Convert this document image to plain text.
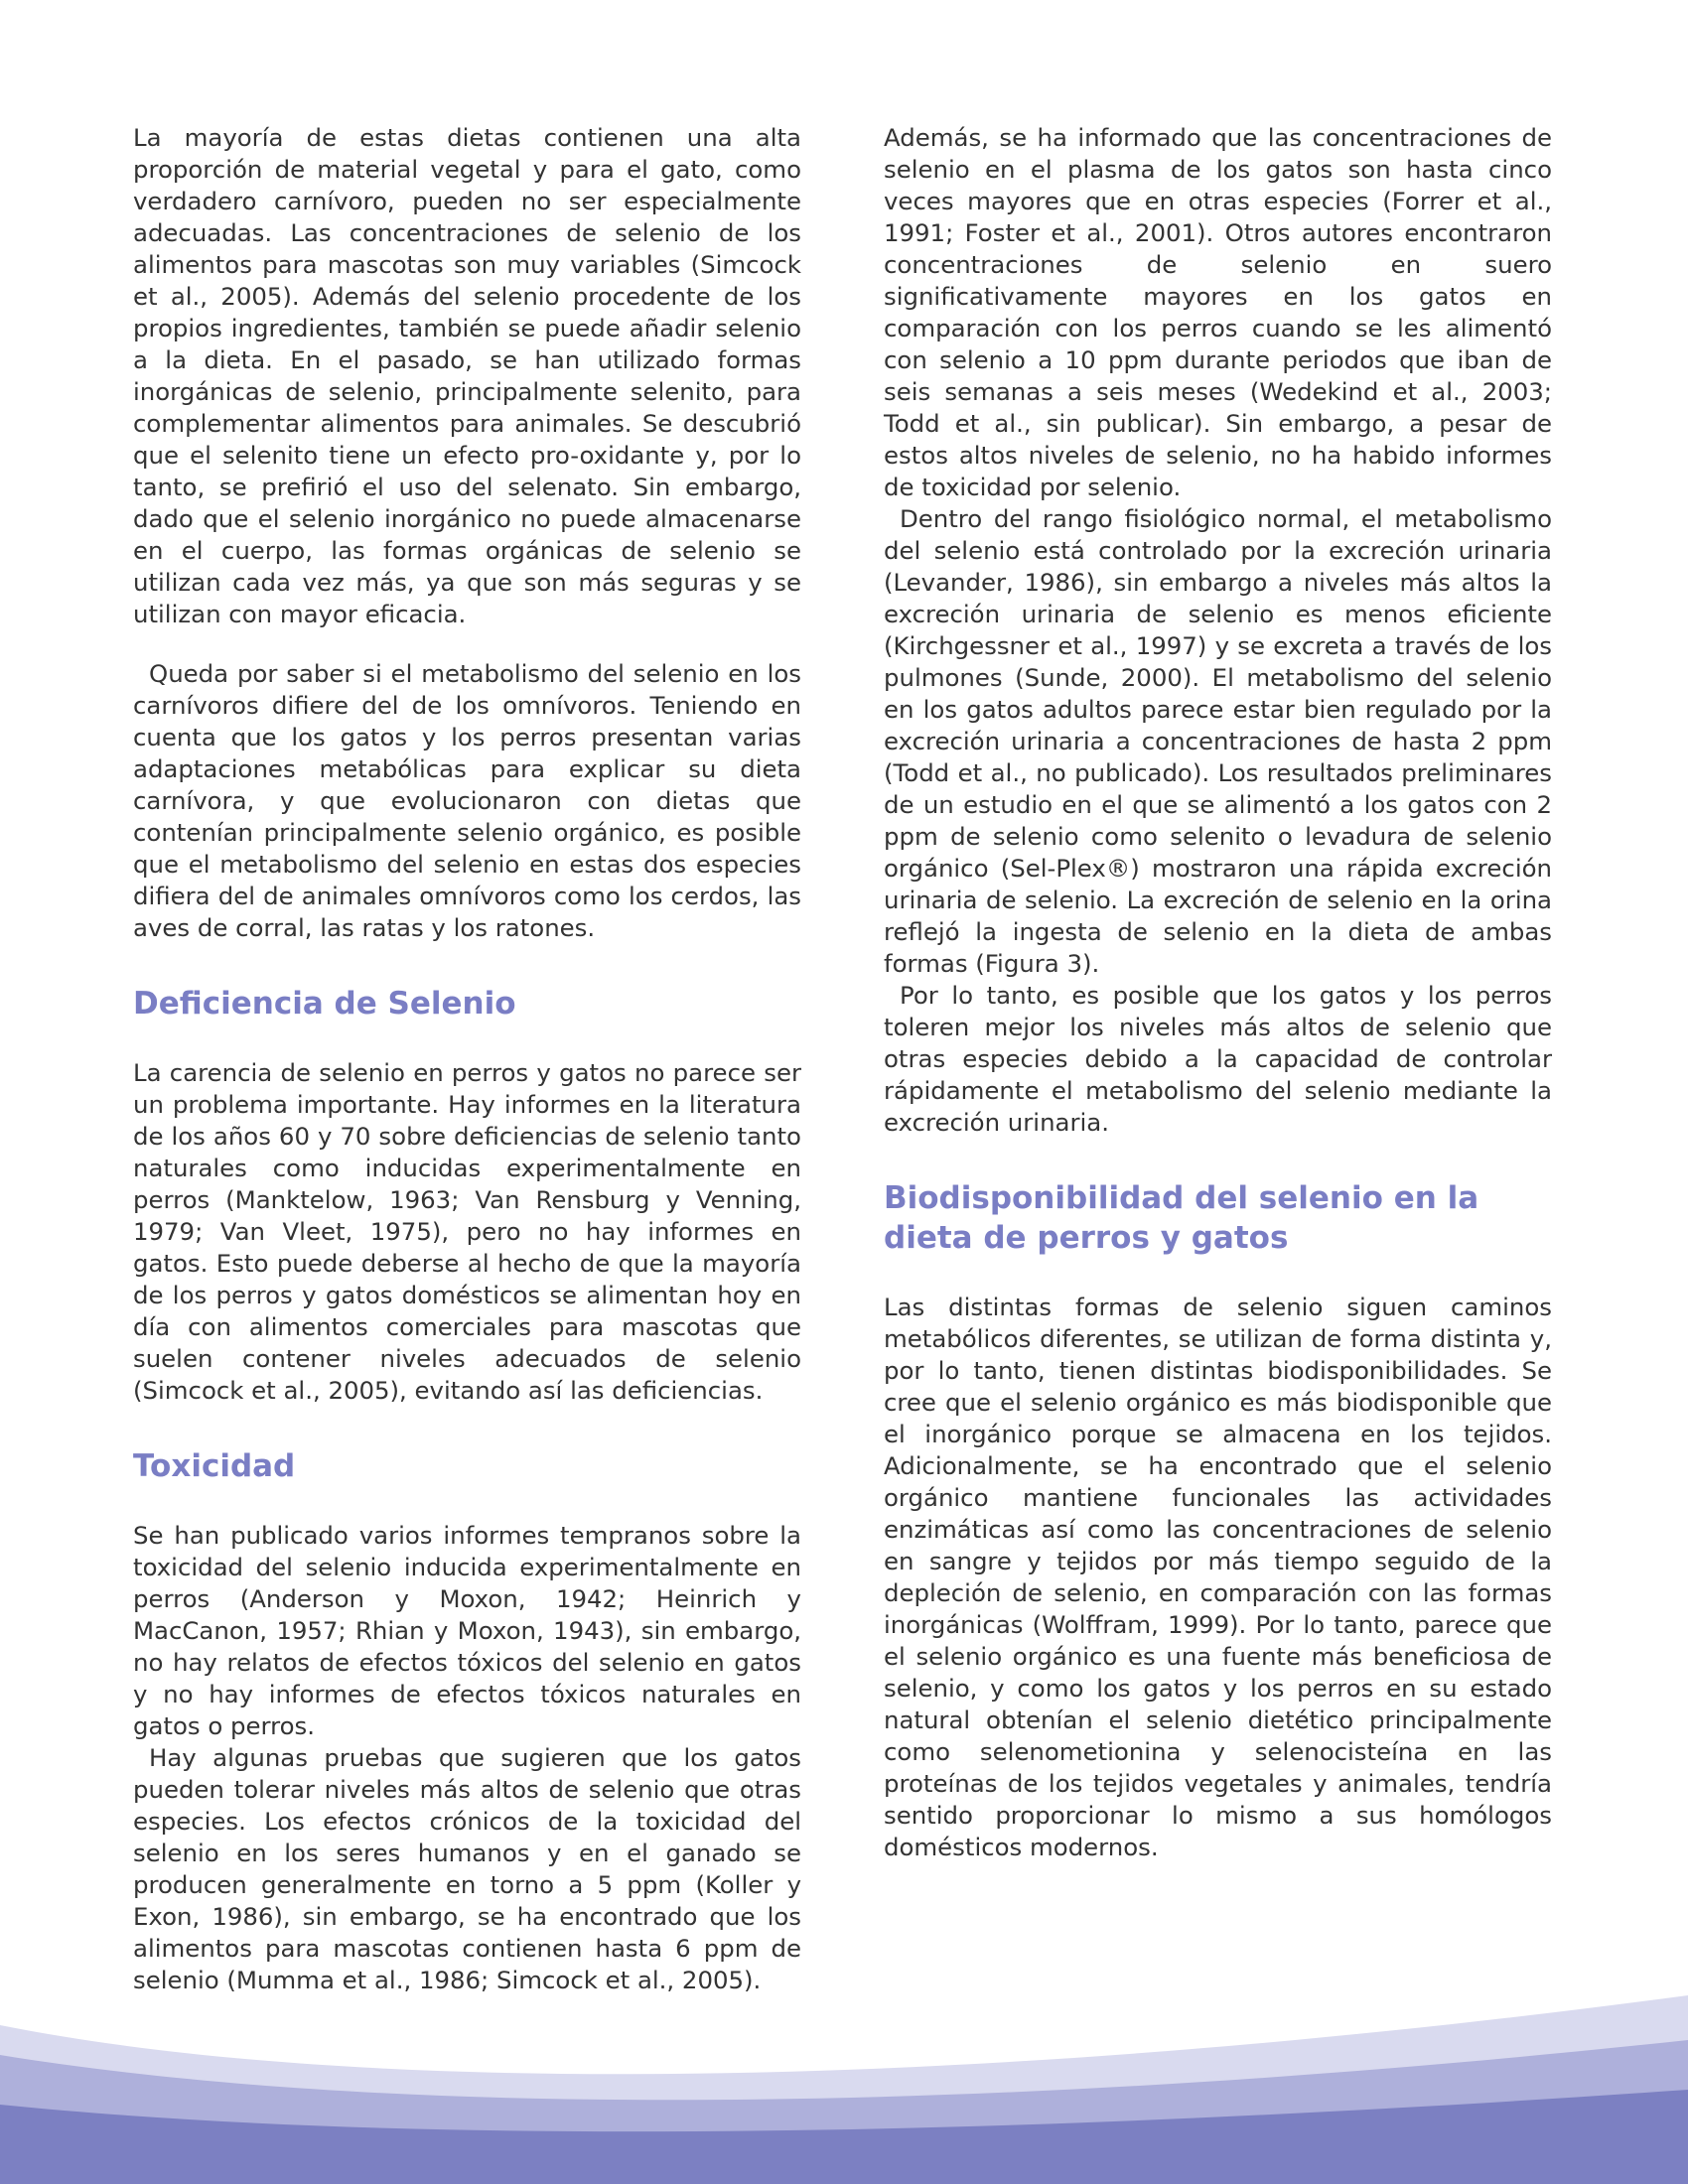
La mayoría de estas dietas contienen una alta proporción de material vegetal y para el gato, como verdadero carnívoro, pueden no ser especialmente adecuadas. Las concentraciones de selenio de los alimentos para mascotas son muy variables (Simcock et al., 2005). Además del selenio procedente de los propios ingredientes, también se puede añadir selenio a la dieta. En el pasado, se han utilizado formas inorgánicas de selenio, principalmente selenito, para complementar alimentos para animales. Se descubrió que el selenito tiene un efecto pro-oxidante y, por lo tanto, se prefirió el uso del selenato. Sin embargo, dado que el selenio inorgánico no puede almacenarse en el cuerpo, las formas orgánicas de selenio se utilizan cada vez más, ya que son más seguras y se utilizan con mayor eficacia.

Queda por saber si el metabolismo del selenio en los carnívoros difiere del de los omnívoros. Teniendo en cuenta que los gatos y los perros presentan varias adaptaciones metabólicas para explicar su dieta carnívora, y que evolucionaron con dietas que contenían principalmente selenio orgánico, es posible que el metabolismo del selenio en estas dos especies difiera del de animales omnívoros como los cerdos, las aves de corral, las ratas y los ratones.

Deficiencia de Selenio

La carencia de selenio en perros y gatos no parece ser un problema importante. Hay informes en la literatura de los años 60 y 70 sobre deficiencias de selenio tanto naturales como inducidas experimentalmente en perros (Manktelow, 1963; Van Rensburg y Venning, 1979; Van Vleet, 1975), pero no hay informes en gatos. Esto puede deberse al hecho de que la mayoría de los perros y gatos domésticos se alimentan hoy en día con alimentos comerciales para mascotas que suelen contener niveles adecuados de selenio (Simcock et al., 2005), evitando así las deficiencias.

Toxicidad

Se han publicado varios informes tempranos sobre la toxicidad del selenio inducida experimentalmente en perros (Anderson y Moxon, 1942; Heinrich y MacCanon, 1957; Rhian y Moxon, 1943), sin embargo, no hay relatos de efectos tóxicos del selenio en gatos y no hay informes de efectos tóxicos naturales en gatos o perros.

Hay algunas pruebas que sugieren que los gatos pueden tolerar niveles más altos de selenio que otras especies. Los efectos crónicos de la toxicidad del selenio en los seres humanos y en el ganado se producen generalmente en torno a 5 ppm (Koller y Exon, 1986), sin embargo, se ha encontrado que los alimentos para mascotas contienen hasta 6 ppm de selenio (Mumma et al., 1986; Simcock et al., 2005).

Además, se ha informado que las concentraciones de selenio en el plasma de los gatos son hasta cinco veces mayores que en otras especies (Forrer et al., 1991; Foster et al., 2001). Otros autores encontraron concentraciones de selenio en suero significativamente mayores en los gatos en comparación con los perros cuando se les alimentó con selenio a 10 ppm durante periodos que iban de seis semanas a seis meses (Wedekind et al., 2003; Todd et al., sin publicar). Sin embargo, a pesar de estos altos niveles de selenio, no ha habido informes de toxicidad por selenio.

Dentro del rango fisiológico normal, el metabolismo del selenio está controlado por la excreción urinaria (Levander, 1986), sin embargo a niveles más altos la excreción urinaria de selenio es menos eficiente (Kirchgessner et al., 1997) y se excreta a través de los pulmones (Sunde, 2000). El metabolismo del selenio en los gatos adultos parece estar bien regulado por la excreción urinaria a concentraciones de hasta 2 ppm (Todd et al., no publicado). Los resultados preliminares de un estudio en el que se alimentó a los gatos con 2 ppm de selenio como selenito o levadura de selenio orgánico (Sel-Plex®) mostraron una rápida excreción urinaria de selenio. La excreción de selenio en la orina reflejó la ingesta de selenio en la dieta de ambas formas (Figura 3).

Por lo tanto, es posible que los gatos y los perros toleren mejor los niveles más altos de selenio que otras especies debido a la capacidad de controlar rápidamente el metabolismo del selenio mediante la excreción urinaria.

Biodisponibilidad del selenio en la dieta de perros y gatos

Las distintas formas de selenio siguen caminos metabólicos diferentes, se utilizan de forma distinta y, por lo tanto, tienen distintas biodisponibilidades. Se cree que el selenio orgánico es más biodisponible que el inorgánico porque se almacena en los tejidos. Adicionalmente, se ha encontrado que el selenio orgánico mantiene funcionales las actividades enzimáticas así como las concentraciones de selenio en sangre y tejidos por más tiempo seguido de la depleción de selenio, en comparación con las formas inorgánicas (Wolffram, 1999). Por lo tanto, parece que el selenio orgánico es una fuente más beneficiosa de selenio, y como los gatos y los perros en su estado natural obtenían el selenio dietético principalmente como selenometionina y selenocisteína en las proteínas de los tejidos vegetales y animales, tendría sentido proporcionar lo mismo a sus homólogos domésticos modernos.
